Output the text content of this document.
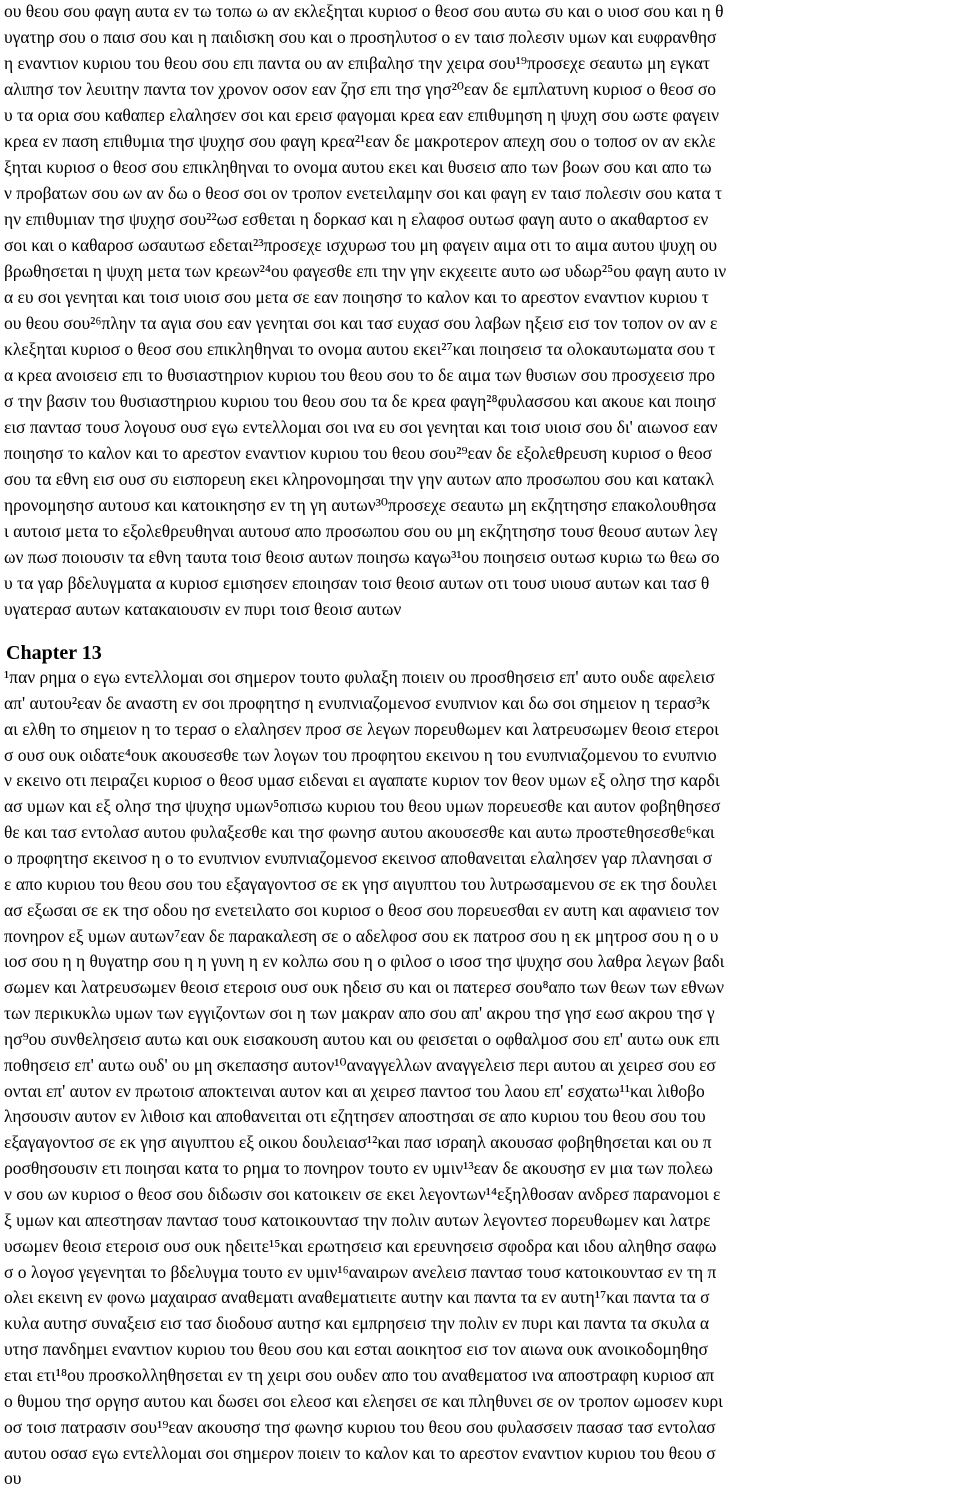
ου θεου σου φαγη αυτα εν τω τοπω ω αν εκλεξηται κυριοσ ο θεοσ σου αυτω συ και ο υιοσ σου και η θ
υγατηρ σου ο παισ σου και η παιδισκη σου και ο προσηλυτοσ ο εν ταισ πολεσιν υμων και ευφρανθησ
η εναντιον κυριου του θεου σου επι παντα ου αν επιβαλησ την χειρα σου¹⁹προσεχε σεαυτω μη εγκατ
αλιπησ τον λευιτην παντα τον χρονον οσον εαν ζησ επι τησ γησ²⁰εαν δε εμπλατυνη κυριοσ ο θεοσ σο
υ τα ορια σου καθαπερ ελαλησεν σοι και ερεισ φαγομαι κρεα εαν επιθυμηση η ψυχη σου ωστε φαγειν
κρεα εν παση επιθυμια τησ ψυχησ σου φαγη κρεα²¹εαν δε μακροτερον απεχη σου ο τοποσ ον αν εκλε
ξηται κυριοσ ο θεοσ σου επικληθηναι το ονομα αυτου εκει και θυσεισ απο των βοων σου και απο τω
ν προβατων σου ων αν δω ο θεοσ σοι ον τροπον ενετειλαμην σοι και φαγη εν ταισ πολεσιν σου κατα τ
ην επιθυμιαν τησ ψυχησ σου²²ωσ εσθεται η δορκασ και η ελαφοσ ουτωσ φαγη αυτο ο ακαθαρτοσ εν
σοι και ο καθαροσ ωσαυτωσ εδεται²³προσεχε ισχυρωσ του μη φαγειν αιμα οτι το αιμα αυτου ψυχη ου
βρωθησεται η ψυχη μετα των κρεων²⁴ου φαγεσθε επι την γην εκχεειτε αυτο ωσ υδωρ²⁵ου φαγη αυτο ιν
α ευ σοι γενηται και τοισ υιοισ σου μετα σε εαν ποιησησ το καλον και το αρεστον εναντιον κυριου τ
ου θεου σου²⁶πλην τα αγια σου εαν γενηται σοι και τασ ευχασ σου λαβων ηξεισ εισ τον τοπον ον αν ε
κλεξηται κυριοσ ο θεοσ σου επικληθηναι το ονομα αυτου εκει²⁷και ποιησεισ τα ολοκαυτωματα σου τ
α κρεα ανοισεισ επι το θυσιαστηριον κυριου του θεου σου το δε αιμα των θυσιων σου προσχεεισ προ
σ την βασιν του θυσιαστηριου κυριου του θεου σου τα δε κρεα φαγη²⁸φυλασσου και ακουε και ποιησ
εισ παντασ τουσ λογουσ ουσ εγω εντελλομαι σοι ινα ευ σοι γενηται και τοισ υιοισ σου δι' αιωνοσ εαν
ποιησησ το καλον και το αρεστον εναντιον κυριου του θεου σου²⁹εαν δε εξολεθρευση κυριοσ ο θεοσ
σου τα εθνη εισ ουσ συ εισπορευη εκει κληρονομησαι την γην αυτων απο προσωπου σου και κατακλ
ηρονομησησ αυτουσ και κατοικησησ εν τη γη αυτων³⁰προσεχε σεαυτω μη εκζητησησ επακολουθησα
ι αυτοισ μετα το εξολεθρευθηναι αυτουσ απο προσωπου σου ου μη εκζητησησ τουσ θεουσ αυτων λεγ
ων πωσ ποιουσιν τα εθνη ταυτα τοισ θεοισ αυτων ποιησω καγω³¹ου ποιησεισ ουτωσ κυριω τω θεω σο
υ τα γαρ βδελυγματα α κυριοσ εμισησεν εποιησαν τοισ θεοισ αυτων οτι τουσ υιουσ αυτων και τασ θ
υγατερασ αυτων κατακαιουσιν εν πυρι τοισ θεοισ αυτων
Chapter 13
¹παν ρημα ο εγω εντελλομαι σοι σημερον τουτο φυλαξη ποιειν ου προσθησεισ επ' αυτο ουδε αφελεισ
απ' αυτου²εαν δε αναστη εν σοι προφητησ η ενυπνιαζομενοσ ενυπνιον και δω σοι σημειον η τερασ³κ
αι ελθη το σημειον η το τερασ ο ελαλησεν προσ σε λεγων πορευθωμεν και λατρευσωμεν θεοισ ετεροι
σ ουσ ουκ οιδατε⁴ουκ ακουσεσθε των λογων του προφητου εκεινου η του ενυπνιαζομενου το ενυπνιο
ν εκεινο οτι πειραζει κυριοσ ο θεοσ υμασ ειδεναι ει αγαπατε κυριον τον θεον υμων εξ ολησ τησ καρδι
ασ υμων και εξ ολησ τησ ψυχησ υμων⁵οπισω κυριου του θεου υμων πορευεσθε και αυτον φοβηθησεσ
θε και τασ εντολασ αυτου φυλαξεσθε και τησ φωνησ αυτου ακουσεσθε και αυτω προστεθησεσθε⁶και
ο προφητησ εκεινοσ η ο το ενυπνιον ενυπνιαζομενοσ εκεινοσ αποθανειται ελαλησεν γαρ πλανησαι σ
ε απο κυριου του θεου σου του εξαγαγοντοσ σε εκ γησ αιγυπτου του λυτρωσαμενου σε εκ τησ δουλει
ασ εξωσαι σε εκ τησ οδου ησ ενετειλατο σοι κυριοσ ο θεοσ σου πορευεσθαι εν αυτη και αφανιεισ τον
πονηρον εξ υμων αυτων⁷εαν δε παρακαλεση σε ο αδελφοσ σου εκ πατροσ σου η εκ μητροσ σου η ο υ
ιοσ σου η η θυγατηρ σου η η γυνη η εν κολπω σου η ο φιλοσ ο ισοσ τησ ψυχησ σου λαθρα λεγων βαδι
σωμεν και λατρευσωμεν θεοισ ετεροισ ουσ ουκ ηδεισ συ και οι πατερεσ σου⁸απο των θεων των εθνων
των περικυκλω υμων των εγγιζοντων σοι η των μακραν απο σου απ' ακρου τησ γησ εωσ ακρου τησ γ
ησ⁹ου συνθελησεισ αυτω και ουκ εισακουση αυτου και ου φεισεται ο οφθαλμοσ σου επ' αυτω ουκ επι
ποθησεισ επ' αυτω ουδ' ου μη σκεπασησ αυτον¹⁰αναγγελλων αναγγελεισ περι αυτου αι χειρεσ σου εσ
ονται επ' αυτον εν πρωτοισ αποκτειναι αυτον και αι χειρεσ παντοσ του λαου επ' εσχατω¹¹και λιθοβο
λησουσιν αυτον εν λιθοισ και αποθανειται οτι εζητησεν αποστησαι σε απο κυριου του θεου σου του
εξαγαγοντοσ σε εκ γησ αιγυπτου εξ οικου δουλειασ¹²και πασ ισραηλ ακουσασ φοβηθησεται και ου π
ροσθησουσιν ετι ποιησαι κατα το ρημα το πονηρον τουτο εν υμιν¹³εαν δε ακουσησ εν μια των πολεω
ν σου ων κυριοσ ο θεοσ σου διδωσιν σοι κατοικειν σε εκει λεγοντων¹⁴εξηλθοσαν ανδρεσ παρανομοι ε
ξ υμων και απεστησαν παντασ τουσ κατοικουντασ την πολιν αυτων λεγοντεσ πορευθωμεν και λατρε
υσωμεν θεοισ ετεροισ ουσ ουκ ηδειτε¹⁵και ερωτησεισ και ερευνησεισ σφοδρα και ιδου αληθησ σαφω
σ ο λογοσ γεγενηται το βδελυγμα τουτο εν υμιν¹⁶αναιρων ανελεισ παντασ τουσ κατοικουντασ εν τη π
ολει εκεινη εν φονω μαχαιρασ αναθεματι αναθεματιειτε αυτην και παντα τα εν αυτη¹⁷και παντα τα σ
κυλα αυτησ συναξεισ εισ τασ διοδουσ αυτησ και εμπρησεισ την πολιν εν πυρι και παντα τα σκυλα α
υτησ πανδημει εναντιον κυριου του θεου σου και εσται αοικητοσ εισ τον αιωνα ουκ ανοικοδομηθησ
εται ετι¹⁸ου προσκολληθησεται εν τη χειρι σου ουδεν απο του αναθεματοσ ινα αποστραφη κυριοσ απ
ο θυμου τησ οργησ αυτου και δωσει σοι ελεοσ και ελεησει σε και πληθυνει σε ον τροπον ωμοσεν κυρι
οσ τοισ πατρασιν σου¹⁹εαν ακουσησ τησ φωνησ κυριου του θεου σου φυλασσειν πασασ τασ εντολασ
αυτου οσασ εγω εντελλομαι σοι σημερον ποιειν το καλον και το αρεστον εναντιον κυριου του θεου σ
ου
